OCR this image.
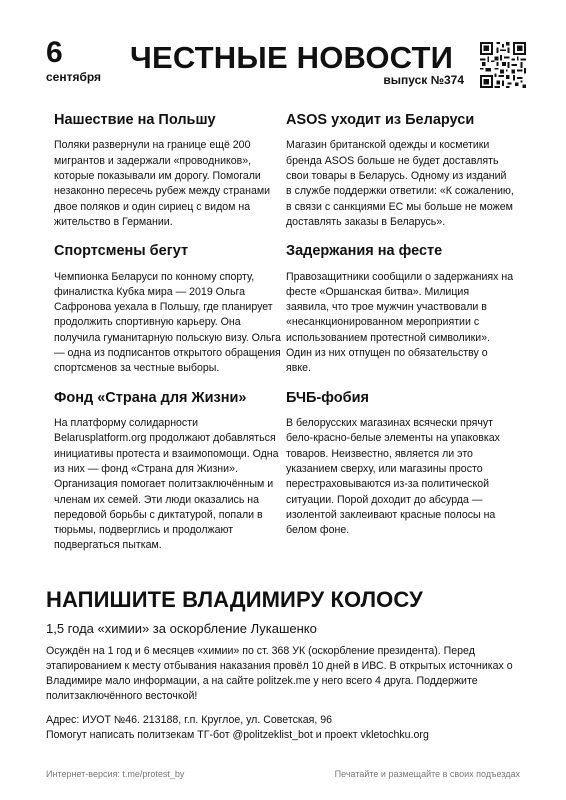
6
сентября
ЧЕСТНЫЕ НОВОСТИ
выпуск №374
Нашествие на Польшу

Поляки развернули на границе ещё 200 мигрантов и задержали «проводников», которые показывали им дорогу. Помогали незаконно пересечь рубеж между странами двое поляков и один сириец с видом на жительство в Германии.

Спортсмены бегут

Чемпионка Беларуси по конному спорту, финалистка Кубка мира — 2019 Ольга Сафронова уехала в Польшу, где планирует продолжить спортивную карьеру. Она получила гуманитарную польскую визу. Ольга — одна из подписантов открытого обращения спортсменов за честные выборы.

Фонд «Страна для Жизни»

На платформу солидарности Belarusplatform.org продолжают добавляться инициативы протеста и взаимопомощи. Одна из них — фонд «Страна для Жизни». Организация помогает политзаключённым и членам их семей. Эти люди оказались на передовой борьбы с диктатурой, попали в тюрьмы, подверглись и продолжают подвергаться пыткам.

ASOS уходит из Беларуси

Магазин британской одежды и косметики бренда ASOS больше не будет доставлять свои товары в Беларусь. Одному из изданий в службе поддержки ответили: «К сожалению, в связи с санкциями ЕС мы больше не можем доставлять заказы в Беларусь».

Задержания на фесте

Правозащитники сообщили о задержаниях на фесте «Оршанская битва». Милиция заявила, что трое мужчин участвовали в «несанкционированном мероприятии с использованием протестной символики». Один из них отпущен по обязательству о явке.

БЧБ-фобия

В белорусских магазинах всячески прячут бело-красно-белые элементы на упаковках товаров. Неизвестно, является ли это указанием сверху, или магазины просто перестраховываются из-за политической ситуации. Порой доходит до абсурда — изолентой заклеивают красные полосы на белом фоне.

НАПИШИТЕ ВЛАДИМИРУ КОЛОСУ
1,5 года «химии» за оскорбление Лукашенко
Осуждён на 1 год и 6 месяцев «химии» по ст. 368 УК (оскорбление президента). Перед этапированием к месту отбывания наказания провёл 10 дней в ИВС. В открытых источниках о Владимире мало информации, а на сайте politzek.me у него всего 4 друга. Поддержите политзаключённого весточкой!
Адрес: ИУОТ №46. 213188, г.п. Круглое, ул. Советская, 96
Помогут написать политзекам ТГ-бот @politzeklist_bot и проект vkletochku.org
Интернет-версия: t.me/protest_by	Печатайте и размещайте в своих подъездах
